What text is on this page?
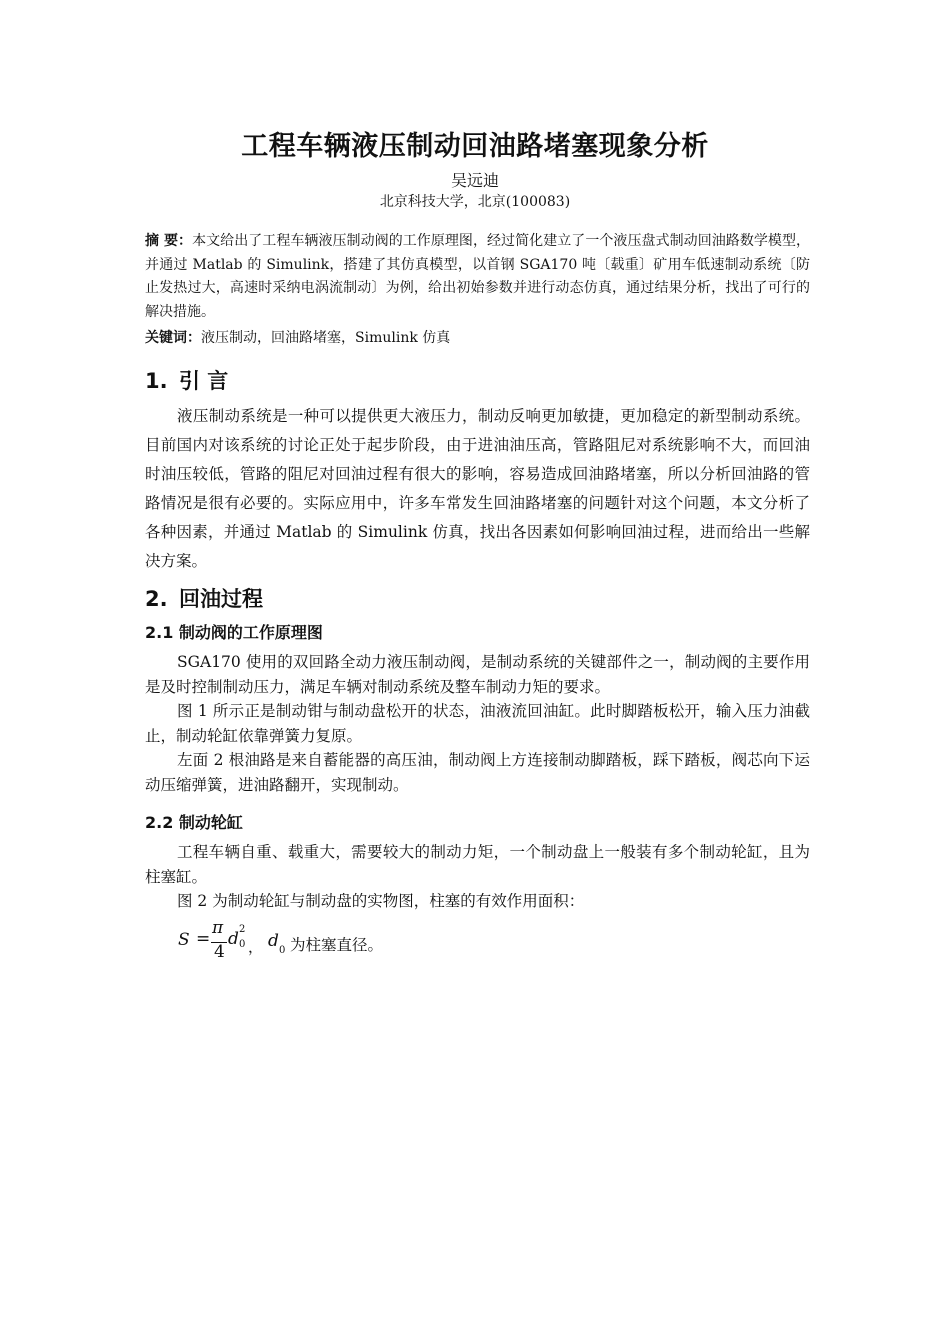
工程车辆液压制动回油路堵塞现象分析
吴远迪
北京科技大学，北京(100083)
摘 要：本文给出了工程车辆液压制动阀的工作原理图，经过简化建立了一个液压盘式制动回油路数学模型，并通过 Matlab 的 Simulink，搭建了其仿真模型，以首钢 SGA170 吨〔载重〕矿用车低速制动系统〔防止发热过大，高速时采纳电涡流制动〕为例，给出初始参数并进行动态仿真，通过结果分析，找出了可行的解决措施。
关键词：液压制动，回油路堵塞，Simulink 仿真
1. 引 言
液压制动系统是一种可以提供更大液压力，制动反响更加敏捷，更加稳定的新型制动系统。目前国内对该系统的讨论正处于起步阶段，由于进油油压高，管路阻尼对系统影响不大，而回油时油压较低，管路的阻尼对回油过程有很大的影响，容易造成回油路堵塞，所以分析回油路的管路情况是很有必要的。实际应用中，许多车常发生回油路堵塞的问题针对这个问题，本文分析了各种因素，并通过 Matlab 的 Simulink 仿真，找出各因素如何影响回油过程，进而给出一些解决方案。
2. 回油过程
2.1 制动阀的工作原理图
SGA170 使用的双回路全动力液压制动阀，是制动系统的关键部件之一，制动阀的主要作用是及时控制制动压力，满足车辆对制动系统及整车制动力矩的要求。
图 1 所示正是制动钳与制动盘松开的状态，油液流回油缸。此时脚踏板松开，输入压力油截止，制动轮缸依靠弹簧力复原。
左面 2 根油路是来自蓄能器的高压油，制动阀上方连接制动脚踏板，踩下踏板，阀芯向下运动压缩弹簧，进油路翻开，实现制动。
2.2 制动轮缸
工程车辆自重、载重大，需要较大的制动力矩，一个制动盘上一般装有多个制动轮缸，且为柱塞缸。
图 2 为制动轮缸与制动盘的实物图，柱塞的有效作用面积：
S =
π
4
d 2
0 ， d 0 为柱塞直径。
